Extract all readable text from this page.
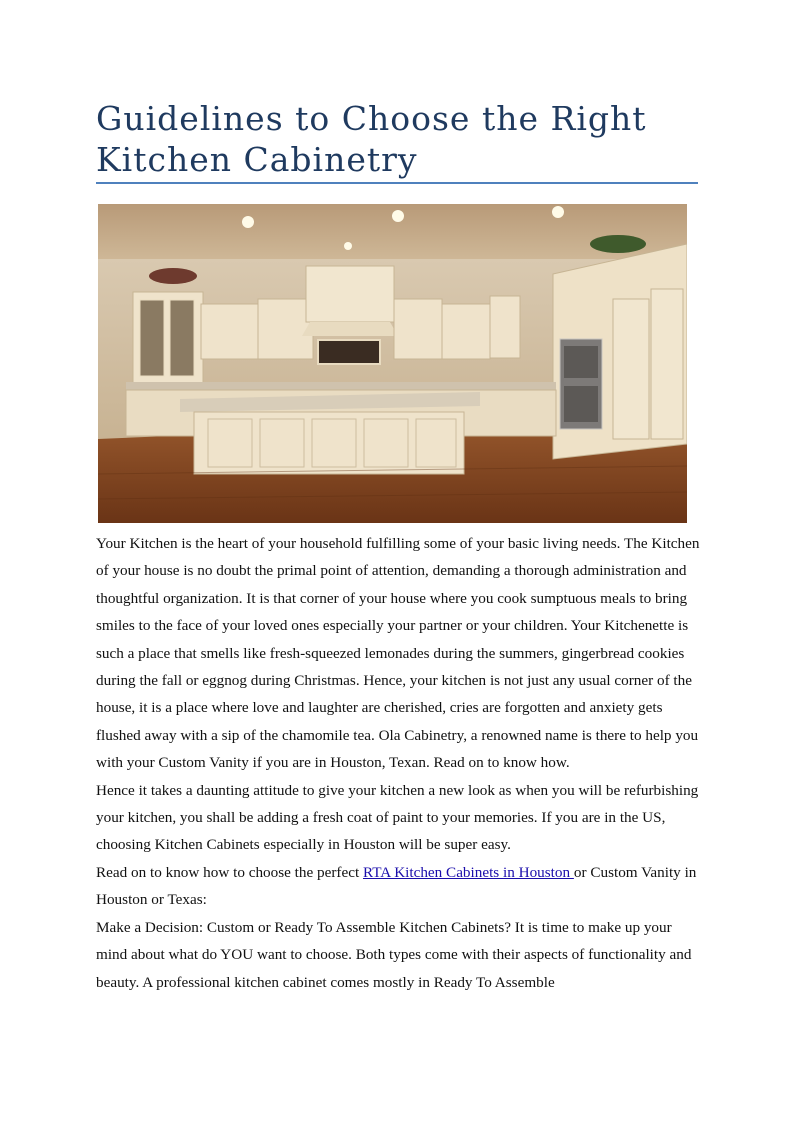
Guidelines to Choose the Right Kitchen Cabinetry

Your Kitchen is the heart of your household fulfilling some of your basic living needs. The Kitchen of your house is no doubt the primal point of attention, demanding a thorough administration and thoughtful organization. It is that corner of your house where you cook sumptuous meals to bring smiles to the face of your loved ones especially your partner or your children. Your Kitchenette is such a place that smells like fresh-squeezed lemonades during the summers, gingerbread cookies during the fall or eggnog during Christmas. Hence, your kitchen is not just any usual corner of the house, it is a place where love and laughter are cherished, cries are forgotten and anxiety gets flushed away with a sip of the chamomile tea. Ola Cabinetry, a renowned name is there to help you with your Custom Vanity if you are in Houston, Texan. Read on to know how.

Hence it takes a daunting attitude to give your kitchen a new look as when you will be refurbishing your kitchen, you shall be adding a fresh coat of paint to your memories. If you are in the US, choosing Kitchen Cabinets especially in Houston will be super easy.

Read on to know how to choose the perfect RTA Kitchen Cabinets in Houston or Custom Vanity in Houston or Texas:

Make a Decision: Custom or Ready To Assemble Kitchen Cabinets? It is time to make up your mind about what do YOU want to choose. Both types come with their aspects of functionality and beauty. A professional kitchen cabinet comes mostly in Ready To Assemble
